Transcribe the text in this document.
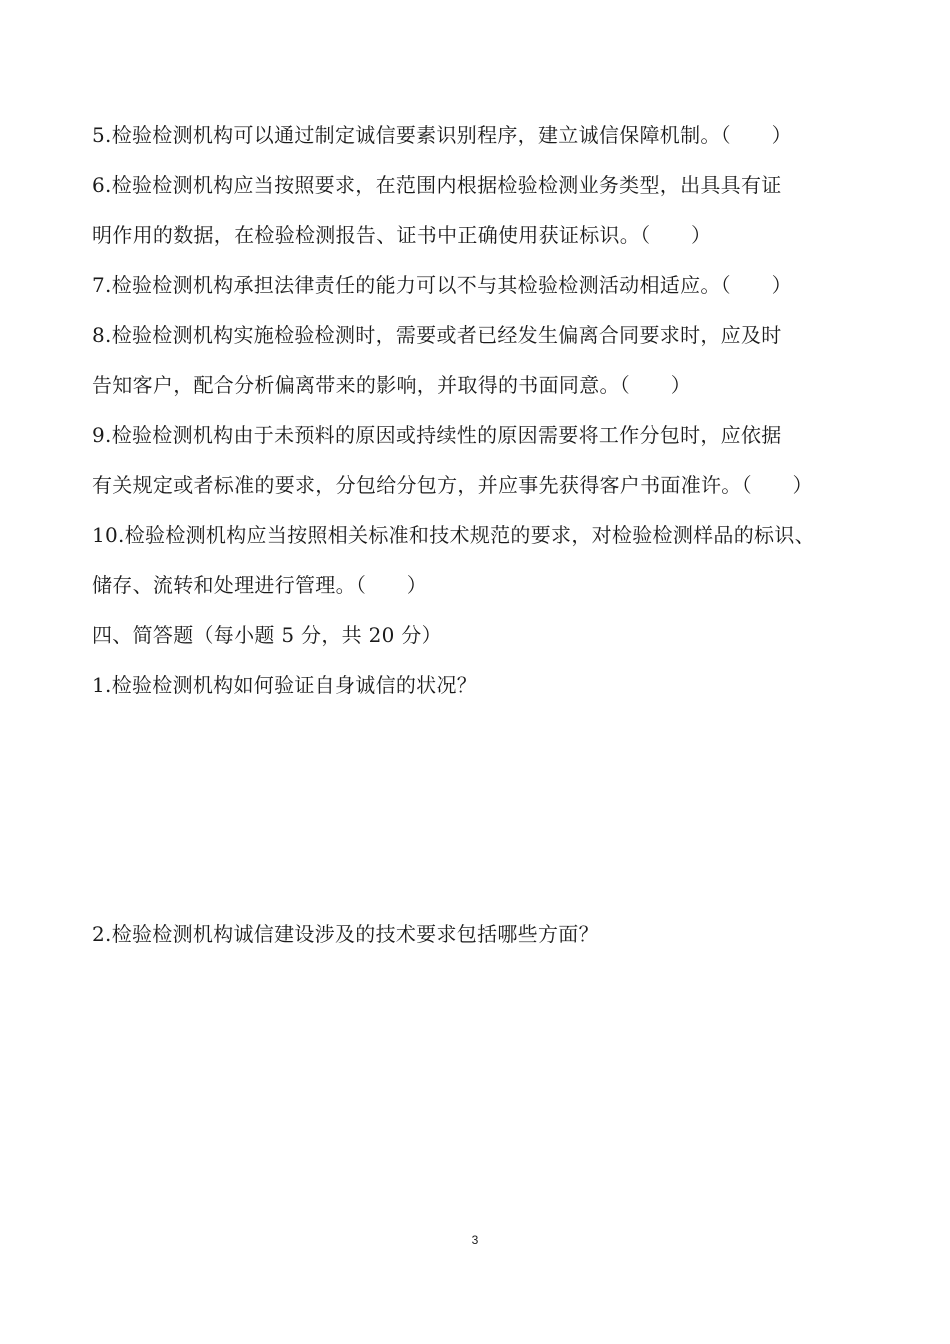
5.检验检测机构可以通过制定诚信要素识别程序，建立诚信保障机制。（　　）
6.检验检测机构应当按照要求，在范围内根据检验检测业务类型，出具具有证
明作用的数据，在检验检测报告、证书中正确使用获证标识。（　　）
7.检验检测机构承担法律责任的能力可以不与其检验检测活动相适应。（　　）
8.检验检测机构实施检验检测时，需要或者已经发生偏离合同要求时，应及时
告知客户，配合分析偏离带来的影响，并取得的书面同意。（　　）
9.检验检测机构由于未预料的原因或持续性的原因需要将工作分包时，应依据
有关规定或者标准的要求，分包给分包方，并应事先获得客户书面准许。（　　）
10.检验检测机构应当按照相关标准和技术规范的要求，对检验检测样品的标识、
储存、流转和处理进行管理。（　　）
四、简答题（每小题 5 分，共 20 分）
1.检验检测机构如何验证自身诚信的状况？
2.检验检测机构诚信建设涉及的技术要求包括哪些方面？
3
